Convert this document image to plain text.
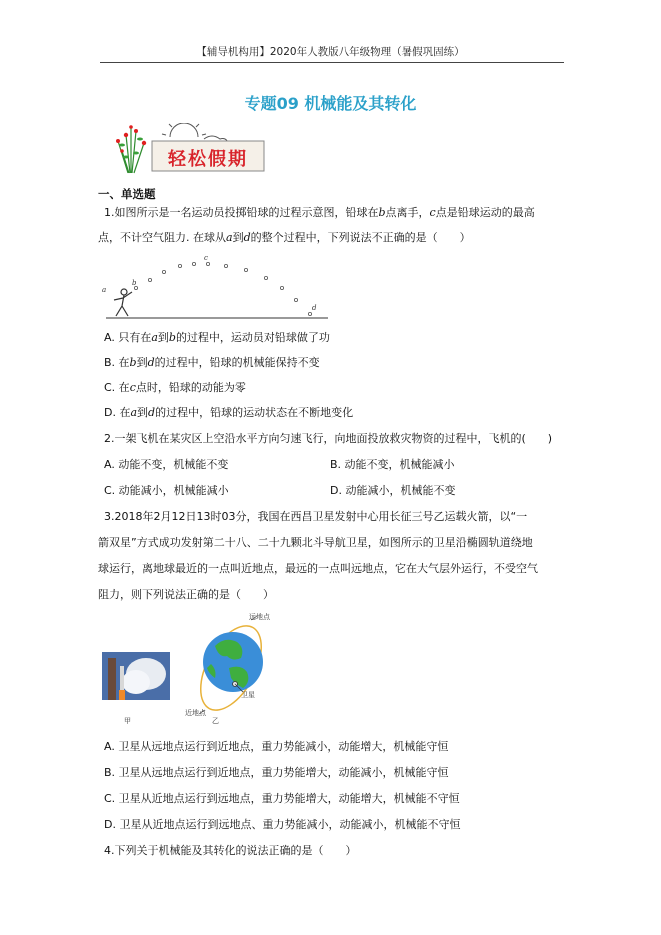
【辅导机构用】2020年人教版八年级物理（暑假巩固练）
专题09 机械能及其转化
轻松假期
一、单选题
1.如图所示是一名运动员投掷铅球的过程示意图，铅球在b点离手，c点是铅球运动的最高
点，不计空气阻力. 在球从a到d的整个过程中，下列说法不正确的是（　　）
a
b
c
d
A. 只有在a到b的过程中，运动员对铅球做了功
B. 在b到d的过程中，铅球的机械能保持不变
C. 在c点时，铅球的动能为零
D. 在a到d的过程中，铅球的运动状态在不断地变化
2.一架飞机在某灾区上空沿水平方向匀速飞行，向地面投放救灾物资的过程中，飞机的(　　)
A. 动能不变，机械能不变	B. 动能不变，机械能减小
C. 动能减小，机械能减小	D. 动能减小，机械能不变
3.2018年2月12日13时03分，我国在西昌卫星发射中心用长征三号乙运载火箭，以“一
箭双星”方式成功发射第二十八、二十九颗北斗导航卫星，如图所示的卫星沿椭圆轨道绕地
球运行，离地球最近的一点叫近地点，最远的一点叫远地点，它在大气层外运行，不受空气
阻力，则下列说法正确的是（　　）
甲
远地点
卫星
近地点
乙
A. 卫星从远地点运行到近地点，重力势能减小，动能增大，机械能守恒
B. 卫星从远地点运行到近地点，重力势能增大，动能减小，机械能守恒
C. 卫星从近地点运行到远地点，重力势能增大，动能增大，机械能不守恒
D. 卫星从近地点运行到远地点、重力势能减小，动能减小，机械能不守恒
4.下列关于机械能及其转化的说法正确的是（　　）
